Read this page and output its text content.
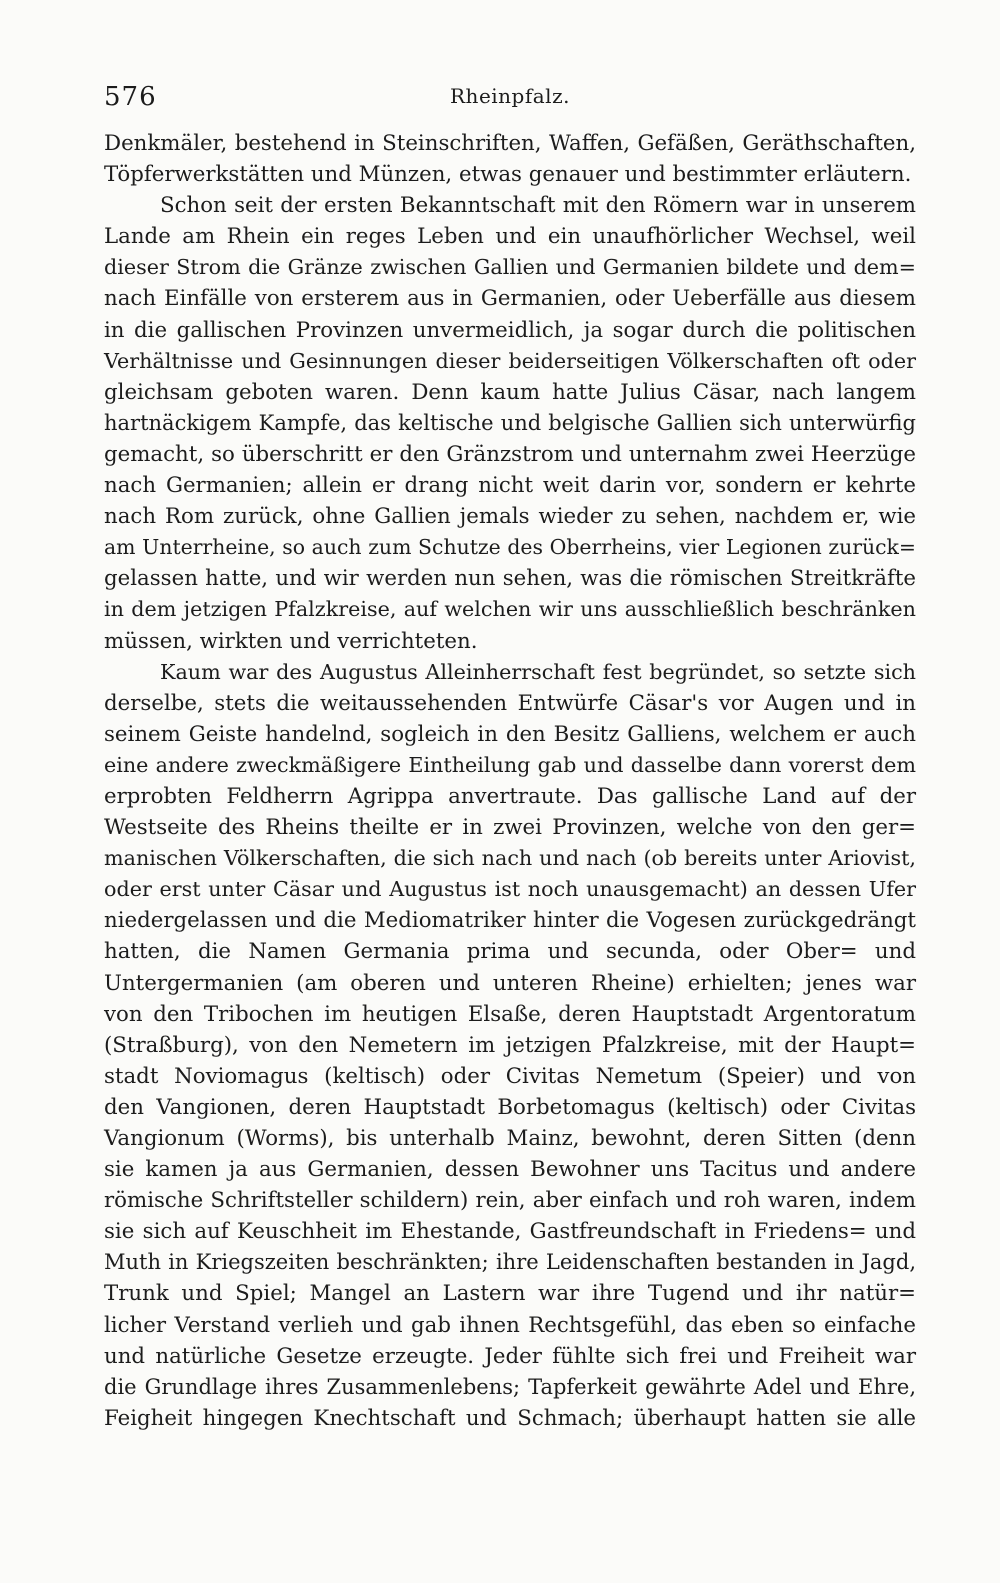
576	Rheinpfalz.
Denkmäler, bestehend in Steinschriften, Waffen, Gefäßen, Geräthschaften,
Töpferwerkstätten und Münzen, etwas genauer und bestimmter erläutern.
Schon seit der ersten Bekanntschaft mit den Römern war in unserem
Lande am Rhein ein reges Leben und ein unaufhörlicher Wechsel, weil
dieser Strom die Gränze zwischen Gallien und Germanien bildete und dem=
nach Einfälle von ersterem aus in Germanien, oder Ueberfälle aus diesem
in die gallischen Provinzen unvermeidlich, ja sogar durch die politischen
Verhältnisse und Gesinnungen dieser beiderseitigen Völkerschaften oft oder
gleichsam geboten waren. Denn kaum hatte Julius Cäsar, nach langem
hartnäckigem Kampfe, das keltische und belgische Gallien sich unterwürfig
gemacht, so überschritt er den Gränzstrom und unternahm zwei Heerzüge
nach Germanien; allein er drang nicht weit darin vor, sondern er kehrte
nach Rom zurück, ohne Gallien jemals wieder zu sehen, nachdem er, wie
am Unterrheine, so auch zum Schutze des Oberrheins, vier Legionen zurück=
gelassen hatte, und wir werden nun sehen, was die römischen Streitkräfte
in dem jetzigen Pfalzkreise, auf welchen wir uns ausschließlich beschränken
müssen, wirkten und verrichteten.
Kaum war des Augustus Alleinherrschaft fest begründet, so setzte sich
derselbe, stets die weitaussehenden Entwürfe Cäsar's vor Augen und in
seinem Geiste handelnd, sogleich in den Besitz Galliens, welchem er auch
eine andere zweckmäßigere Eintheilung gab und dasselbe dann vorerst dem
erprobten Feldherrn Agrippa anvertraute. Das gallische Land auf der
Westseite des Rheins theilte er in zwei Provinzen, welche von den ger=
manischen Völkerschaften, die sich nach und nach (ob bereits unter Ariovist,
oder erst unter Cäsar und Augustus ist noch unausgemacht) an dessen Ufer
niedergelassen und die Mediomatriker hinter die Vogesen zurückgedrängt
hatten, die Namen Germania prima und secunda, oder Ober= und
Untergermanien (am oberen und unteren Rheine) erhielten; jenes war
von den Tribochen im heutigen Elsaße, deren Hauptstadt Argentoratum
(Straßburg), von den Nemetern im jetzigen Pfalzkreise, mit der Haupt=
stadt Noviomagus (keltisch) oder Civitas Nemetum (Speier) und von
den Vangionen, deren Hauptstadt Borbetomagus (keltisch) oder Civitas
Vangionum (Worms), bis unterhalb Mainz, bewohnt, deren Sitten (denn
sie kamen ja aus Germanien, dessen Bewohner uns Tacitus und andere
römische Schriftsteller schildern) rein, aber einfach und roh waren, indem
sie sich auf Keuschheit im Ehestande, Gastfreundschaft in Friedens= und
Muth in Kriegszeiten beschränkten; ihre Leidenschaften bestanden in Jagd,
Trunk und Spiel; Mangel an Lastern war ihre Tugend und ihr natür=
licher Verstand verlieh und gab ihnen Rechtsgefühl, das eben so einfache
und natürliche Gesetze erzeugte. Jeder fühlte sich frei und Freiheit war
die Grundlage ihres Zusammenlebens; Tapferkeit gewährte Adel und Ehre,
Feigheit hingegen Knechtschaft und Schmach; überhaupt hatten sie alle
